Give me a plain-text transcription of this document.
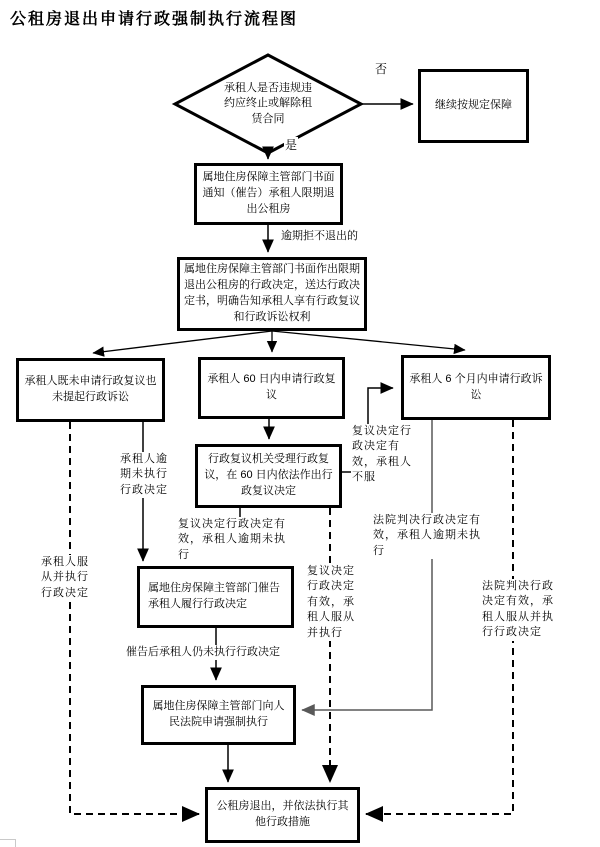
公租房退出申请行政强制执行流程图
承租人是否违规违约应终止或解除租赁合同
继续按规定保障
属地住房保障主管部门书面通知（催告）承租人限期退出公租房
属地住房保障主管部门书面作出限期退出公租房的行政决定，送达行政决定书，明确告知承租人享有行政复议和行政诉讼权利
承租人既未申请行政复议也未提起行政诉讼
承租人 60 日内申请行政复议
承租人 6 个月内申请行政诉讼
行政复议机关受理行政复议，在 60 日内依法作出行政复议决定
属地住房保障主管部门催告承租人履行行政决定
属地住房保障主管部门向人民法院申请强制执行
公租房退出，并依法执行其他行政措施
否
是
逾期拒不退出的
承租人逾期未执行行政决定
承租人服从并执行行政决定
复议决定行政决定有效，承租人不服
复议决定行政决定有效，承租人逾期未执行
复议决定行政决定有效，承租人服从并执行
法院判决行政决定有效，承租人逾期未执行
法院判决行政决定有效，承租人服从并执行行政决定
催告后承租人仍未执行行政决定
